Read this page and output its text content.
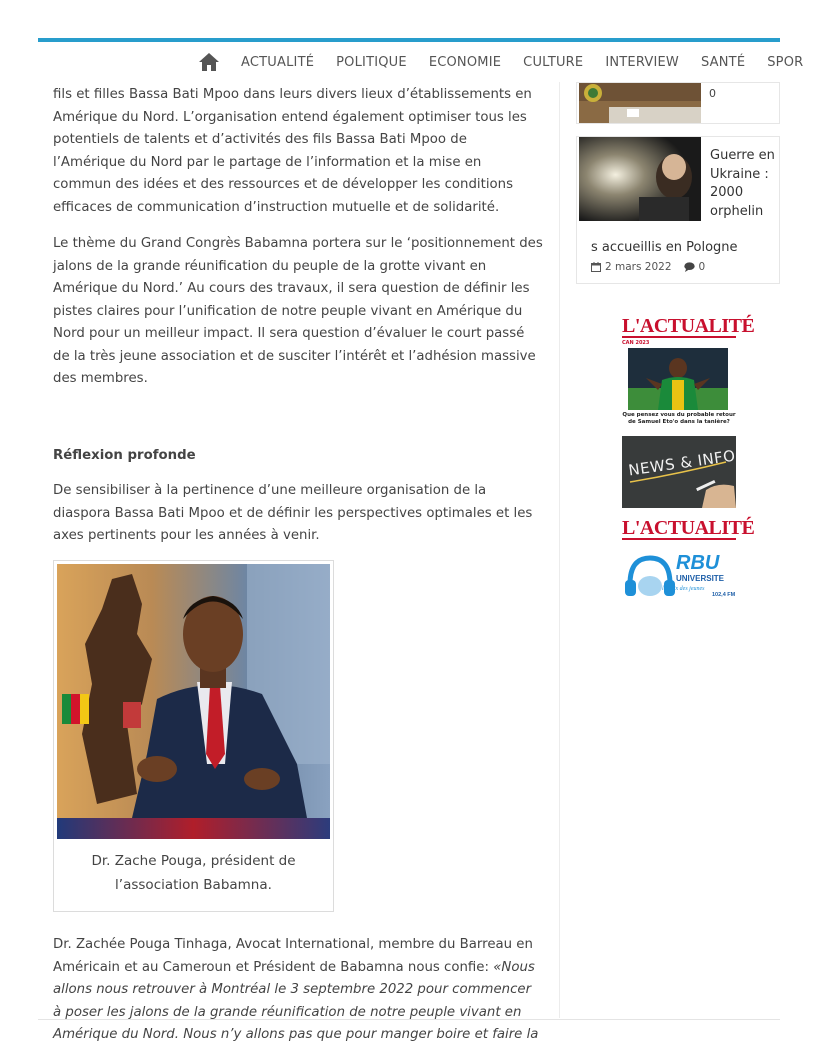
ACTUALITÉ POLITIQUE ECONOMIE CULTURE INTERVIEW SANTÉ SPOR

fils et filles Bassa Bati Mpoo dans leurs divers lieux d’établissements en Amérique du Nord. L’organisation entend également optimiser tous les potentiels de talents et d’activités des fils Bassa Bati Mpoo de l’Amérique du Nord par le partage de l’information et la mise en commun des idées et des ressources et de développer les conditions efficaces de communication d’instruction mutuelle et de solidarité.

Le thème du Grand Congrès Babamna portera sur le ‘positionnement des jalons de la grande réunification du peuple de la grotte vivant en Amérique du Nord.’ Au cours des travaux, il sera question de définir les pistes claires pour l’unification de notre peuple vivant en Amérique du Nord pour un meilleur impact. Il sera question d’évaluer le court passé de la très jeune association et de susciter l’intérêt et l’adhésion massive des membres.

Réflexion profonde

De sensibiliser à la pertinence d’une meilleure organisation de la diaspora Bassa Bati Mpoo et de définir les perspectives optimales et les axes pertinents pour les années à venir.

Dr. Zache Pouga, président de l’association Babamna.

Dr. Zachée Pouga Tinhaga, Avocat International, membre du Barreau en Américain et au Cameroun et Président de Babamna nous confie: «Nous allons nous retrouver à Montréal le 3 septembre 2022 pour commencer à poser les jalons de la grande réunification de notre peuple vivant en Amérique du Nord. Nous n’y allons pas que pour manger boire et faire la

0
Guerre en Ukraine : 2000 orphelin
s accueillis en Pologne
2 mars 2022	0
L'ACTUALITÉ
CAN 2023
Que pensez vous du probable retour de Samuel Eto'o dans la tanière?
NEWS & INFO
L'ACTUALITÉ
RBU
UNIVERSITE
la voix des jeunes
102,4 FM
